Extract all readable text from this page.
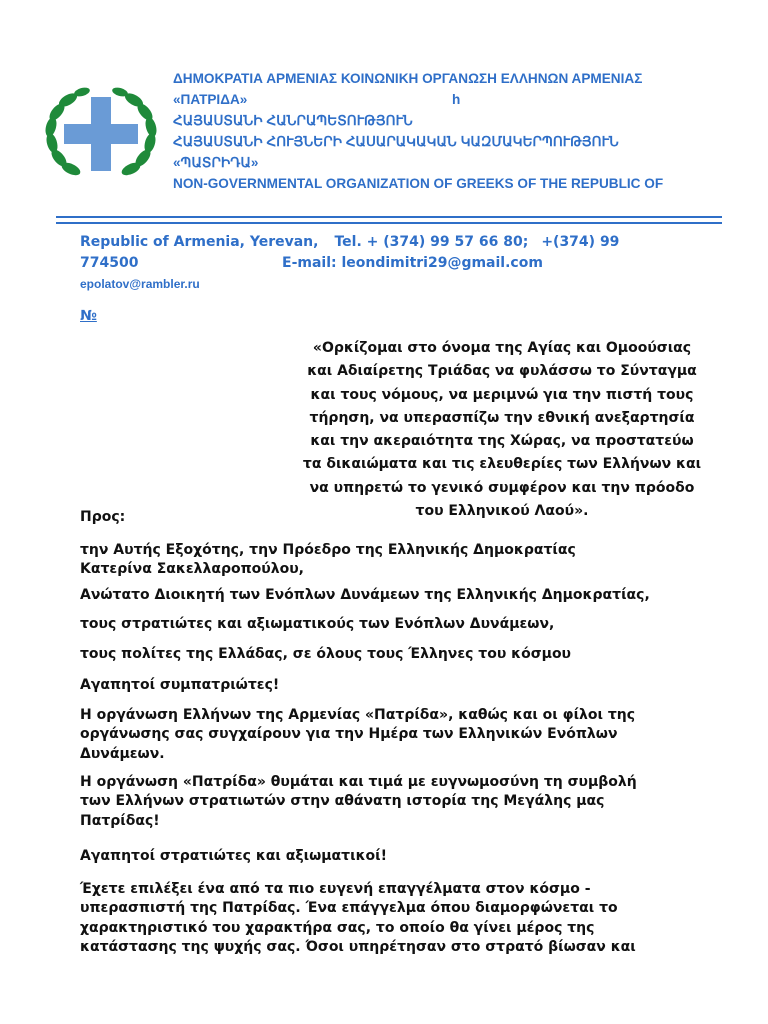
ΔΗΜΟΚΡΑΤΙΑ ΑΡΜΕΝΙΑΣ ΚΟΙΝΩΝΙΚΗ ΟΡΓΑΝΩΣΗ ΕΛΛΗΝΩΝ ΑΡΜΕΝΙΑΣ
«ΠΑΤΡΙΔΑ»	h
ՀԱՅԱՍՏԱՆԻ ՀԱՆՐԱՊԵՏՈՒԹՅՈՒՆ
ՀԱՅԱՍՏԱՆԻ ՀՈՒՅՆԵՐԻ ՀԱՍԱՐԱԿԱԿԱՆ ԿԱԶՄԱԿԵՐՊՈՒԹՅՈՒՆ
«ՊԱՏՐԻԴԱ»
NON-GOVERNMENTAL ORGANIZATION OF GREEKS OF THE REPUBLIC OF
Republic of Armenia, Yerevan, Tel. + (374) 99 57 66 80; +(374) 99
774500	E-mail: leondimitri29@gmail.com
epolatov@rambler.ru
№
«Ορκίζομαι στο όνομα της Αγίας και Ομοούσιας
και Αδιαίρετης Τριάδας να φυλάσσω το Σύνταγμα
και τους νόμους, να μεριμνώ για την πιστή τους
τήρηση, να υπερασπίζω την εθνική ανεξαρτησία
και την ακεραιότητα της Χώρας, να προστατεύω
τα δικαιώματα και τις ελευθερίες των Ελλήνων και
να υπηρετώ το γενικό συμφέρον και την πρόοδο
του Ελληνικού Λαού».
Προς:
την Αυτής Εξοχότης, την Πρόεδρο της Ελληνικής Δημοκρατίας
Κατερίνα Σακελλαροπούλου,
Ανώτατο Διοικητή των Ενόπλων Δυνάμεων της Ελληνικής Δημοκρατίας,
τους στρατιώτες και αξιωματικούς των Ενόπλων Δυνάμεων,
τους πολίτες της Ελλάδας, σε όλους τους Έλληνες του κόσμου
Αγαπητοί συμπατριώτες!
Η οργάνωση Ελλήνων της Αρμενίας «Πατρίδα», καθώς και οι φίλοι της
οργάνωσης σας συγχαίρουν για την Ημέρα των Ελληνικών Ενόπλων
Δυνάμεων.
Η οργάνωση «Πατρίδα» θυμάται και τιμά με ευγνωμοσύνη τη συμβολή
των Ελλήνων στρατιωτών στην αθάνατη ιστορία της Μεγάλης μας
Πατρίδας!
Αγαπητοί στρατιώτες και αξιωματικοί!
Έχετε επιλέξει ένα από τα πιο ευγενή επαγγέλματα στον κόσμο -
υπερασπιστή της Πατρίδας. Ένα επάγγελμα όπου διαμορφώνεται το
χαρακτηριστικό του χαρακτήρα σας, το οποίο θα γίνει μέρος της
κατάστασης της ψυχής σας. Όσοι υπηρέτησαν στο στρατό βίωσαν και
